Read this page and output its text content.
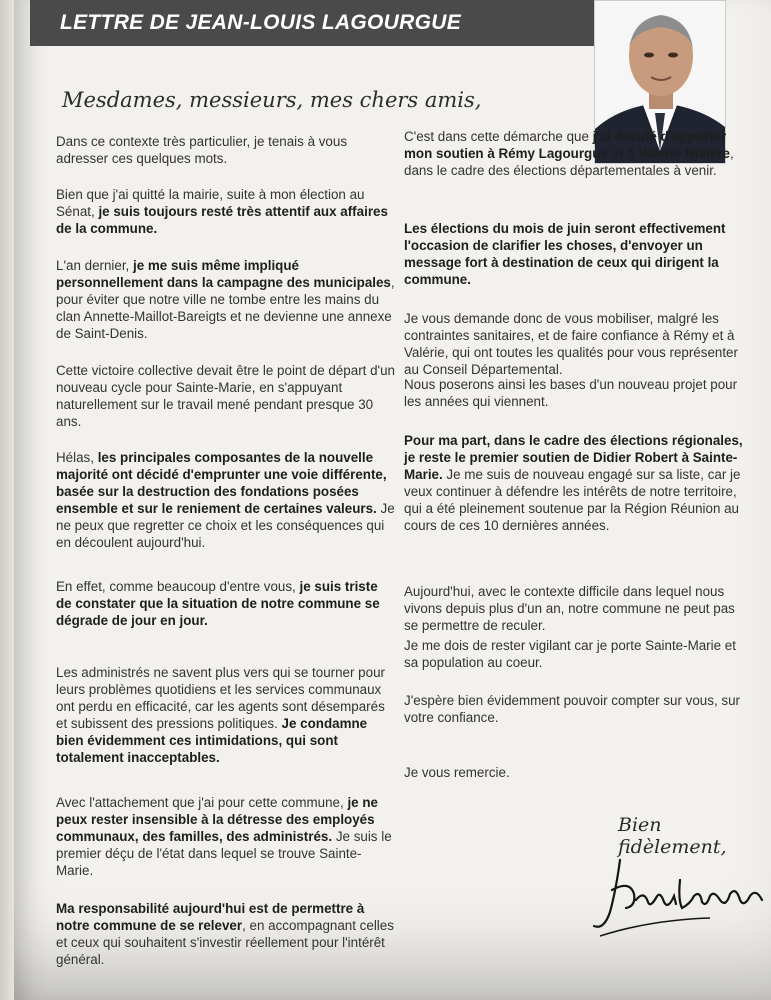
LETTRE DE JEAN-LOUIS LAGOURGUE
Mesdames, messieurs, mes chers amis,
Dans ce contexte très particulier, je tenais à vous adresser ces quelques mots.
Bien que j'ai quitté la mairie, suite à mon élection au Sénat, je suis toujours resté très attentif aux affaires de la commune.
L'an dernier, je me suis même impliqué personnellement dans la campagne des municipales, pour éviter que notre ville ne tombe entre les mains du clan Annette-Maillot-Bareigts et ne devienne une annexe de Saint-Denis.
Cette victoire collective devait être le point de départ d'un nouveau cycle pour Sainte-Marie, en s'appuyant naturellement sur le travail mené pendant presque 30 ans.
Hélas, les principales composantes de la nouvelle majorité ont décidé d'emprunter une voie différente, basée sur la destruction des fondations posées ensemble et sur le reniement de certaines valeurs. Je ne peux que regretter ce choix et les conséquences qui en découlent aujourd'hui.
En effet, comme beaucoup d'entre vous, je suis triste de constater que la situation de notre commune se dégrade de jour en jour.
Les administrés ne savent plus vers qui se tourner pour leurs problèmes quotidiens et les services communaux ont perdu en efficacité, car les agents sont désemparés et subissent des pressions politiques. Je condamne bien évidemment ces intimidations, qui sont totalement inacceptables.
Avec l'attachement que j'ai pour cette commune, je ne peux rester insensible à la détresse des employés communaux, des familles, des administrés. Je suis le premier déçu de l'état dans lequel se trouve Sainte-Marie.
Ma responsabilité aujourd'hui est de permettre à notre commune de se relever, en accompagnant celles et ceux qui souhaitent s'investir réellement pour l'intérêt général.
C'est dans cette démarche que j'ai décidé d'apporter mon soutien à Rémy Lagourgue et à Valérie Rivière, dans le cadre des élections départementales à venir.
Les élections du mois de juin seront effectivement l'occasion de clarifier les choses, d'envoyer un message fort à destination de ceux qui dirigent la commune.
Je vous demande donc de vous mobiliser, malgré les contraintes sanitaires, et de faire confiance à Rémy et à Valérie, qui ont toutes les qualités pour vous représenter au Conseil Départemental.
Nous poserons ainsi les bases d'un nouveau projet pour les années qui viennent.
Pour ma part, dans le cadre des élections régionales, je reste le premier soutien de Didier Robert à Sainte-Marie. Je me suis de nouveau engagé sur sa liste, car je veux continuer à défendre les intérêts de notre territoire, qui a été pleinement soutenue par la Région Réunion au cours de ces 10 dernières années.
Aujourd'hui, avec le contexte difficile dans lequel nous vivons depuis plus d'un an, notre commune ne peut pas se permettre de reculer.
Je me dois de rester vigilant car je porte Sainte-Marie et sa population au coeur.
J'espère bien évidemment pouvoir compter sur vous, sur votre confiance.
Je vous remercie.
Bien fidèlement,
